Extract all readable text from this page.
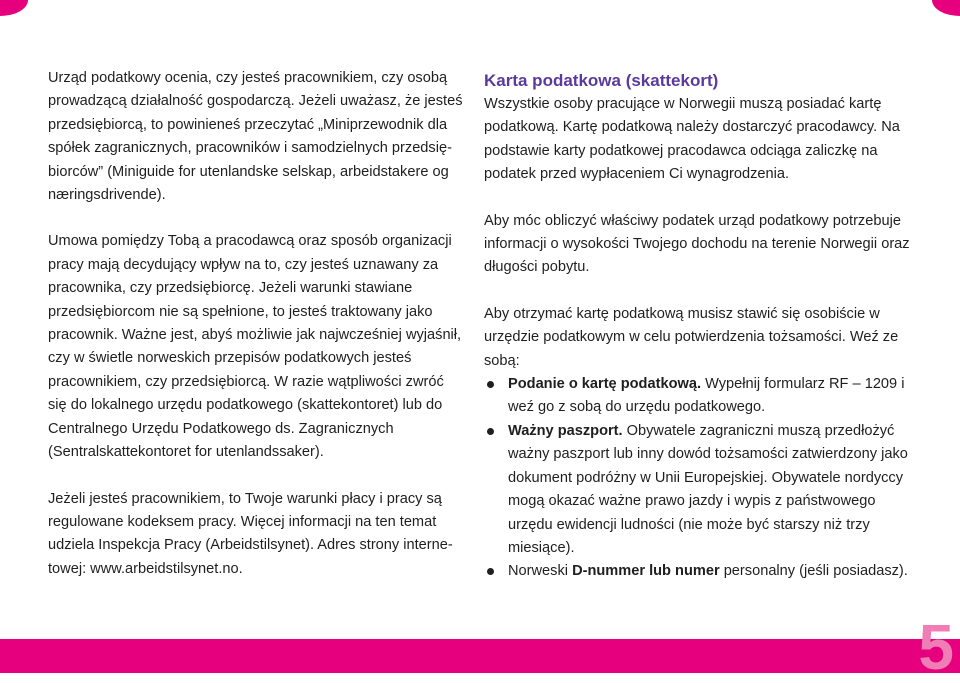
Urząd podatkowy ocenia, czy jesteś pracownikiem, czy osobą prowadzącą działalność gospodarczą. Jeżeli uważasz, że jesteś przedsiębiorcą, to powinieneś przeczytać „Miniprzewodnik dla spółek zagranicznych, pracowników i samodzielnych przedsiębiorców” (Miniguide for utenlandske selskap, arbeidstakere og næringsdrivende).

Umowa pomiędzy Tobą a pracodawcą oraz sposób organizacji pracy mają decydujący wpływ na to, czy jesteś uznawany za pracownika, czy przedsiębiorcę. Jeżeli warunki stawiane przedsiębiorcom nie są spełnione, to jesteś traktowany jako pracownik. Ważne jest, abyś możliwie jak najwcześniej wyjaśnił, czy w świetle norweskich przepisów podatkowych jesteś pracownikiem, czy przedsiębiorcą. W razie wątpliwości zwróć się do lokalnego urzędu podatkowego (skattekontoret) lub do Centralnego Urzędu Podatkowego ds. Zagranicznych (Sentralskattekontoret for utenlandssaker).

Jeżeli jesteś pracownikiem, to Twoje warunki płacy i pracy są regulowane kodeksem pracy. Więcej informacji na ten temat udziela Inspekcja Pracy (Arbeidstilsynet). Adres strony internetowej: www.arbeidstilsynet.no.

Karta podatkowa (skattekort)

Wszystkie osoby pracujące w Norwegii muszą posiadać kartę podatkową. Kartę podatkową należy dostarczyć pracodawcy. Na podstawie karty podatkowej pracodawca odciąga zaliczkę na podatek przed wypłaceniem Ci wynagrodzenia.

Aby móc obliczyć właściwy podatek urząd podatkowy potrzebuje informacji o wysokości Twojego dochodu na terenie Norwegii oraz długości pobytu.

Aby otrzymać kartę podatkową musisz stawić się osobiście w urzędzie podatkowym w celu potwierdzenia tożsamości. Weź ze sobą:

Podanie o kartę podatkową. Wypełnij formularz RF – 1209 i weź go z sobą do urzędu podatkowego.
Ważny paszport. Obywatele zagraniczni muszą przedłożyć ważny paszport lub inny dowód tożsamości zatwierdzony jako dokument podróżny w Unii Europejskiej. Obywatele nordyccy mogą okazać ważne prawo jazdy i wypis z państwowego urzędu ewidencji ludności (nie może być starszy niż trzy miesiące).
Norweski D-nummer lub numer personalny (jeśli posiadasz).
5
